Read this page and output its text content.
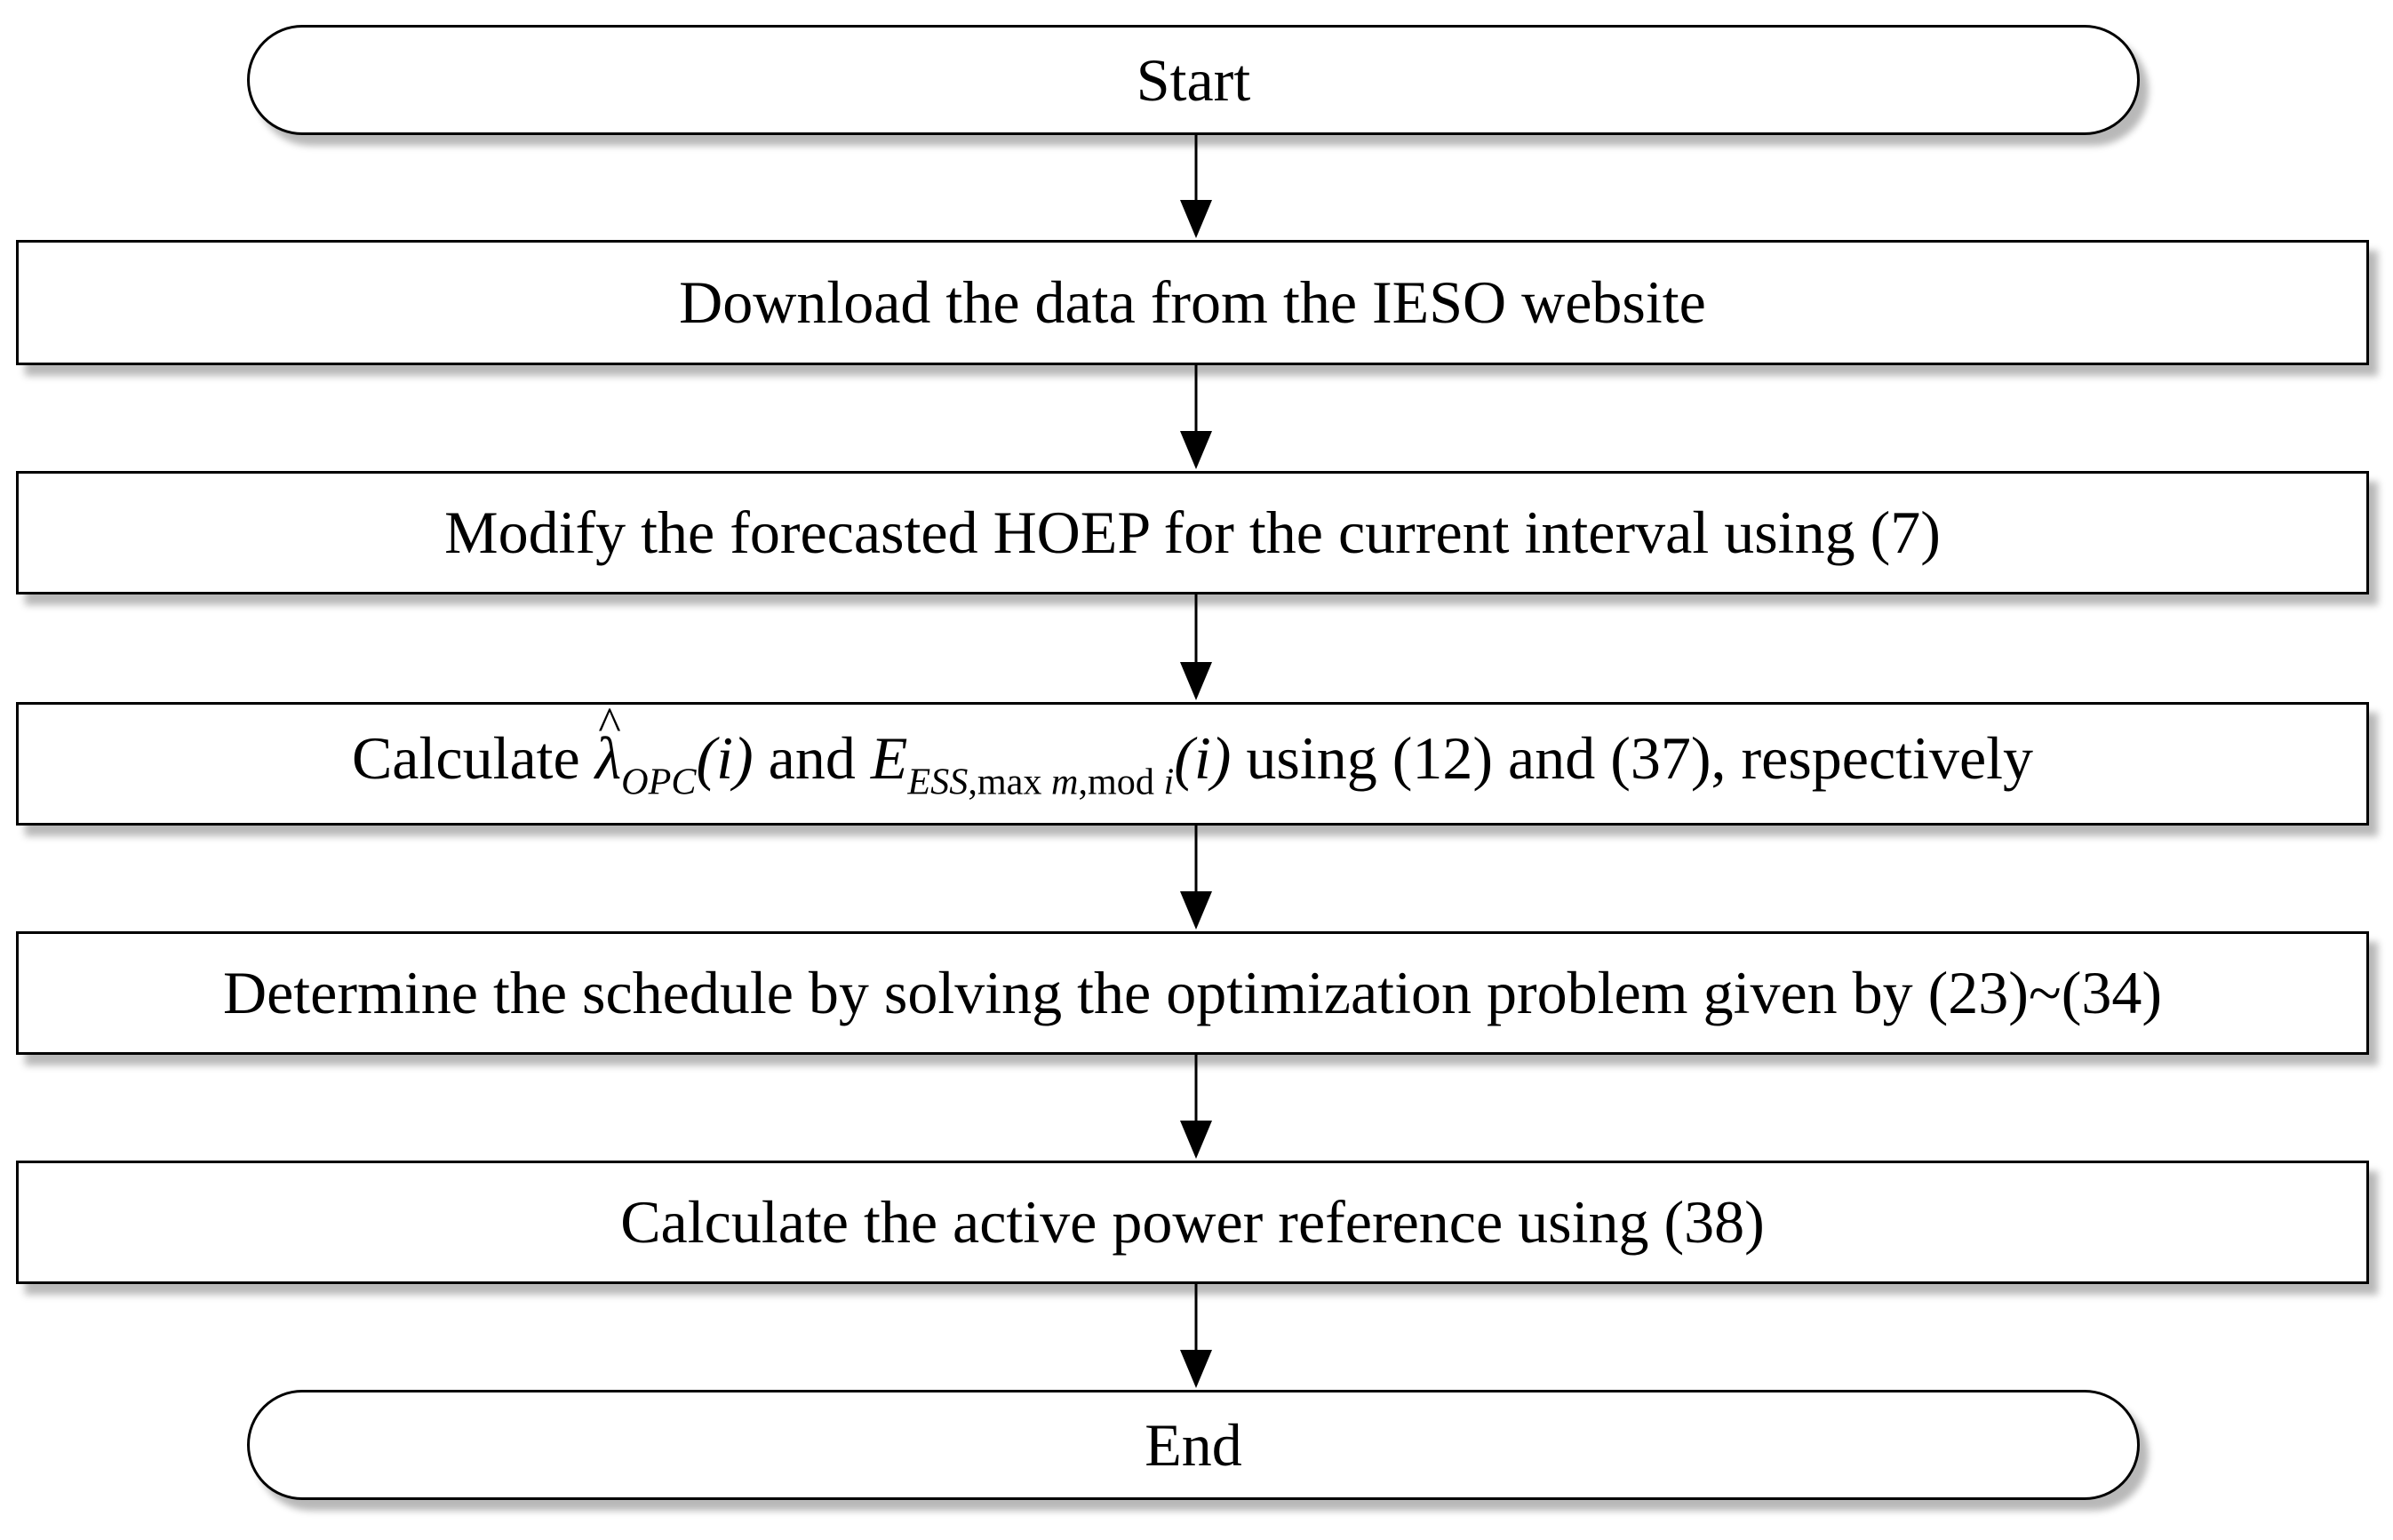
Start
Download the data from the IESO website
Modify the forecasted HOEP for the current interval using (7)
Calculate ^ $\lambda_{OPC}(i)$ and $E_{ESS,max m,mod i}(i)$ using (12) and (37), respectively
Determine the schedule by solving the optimization problem given by (23)~(34)
Calculate the active power reference using (38)
End
